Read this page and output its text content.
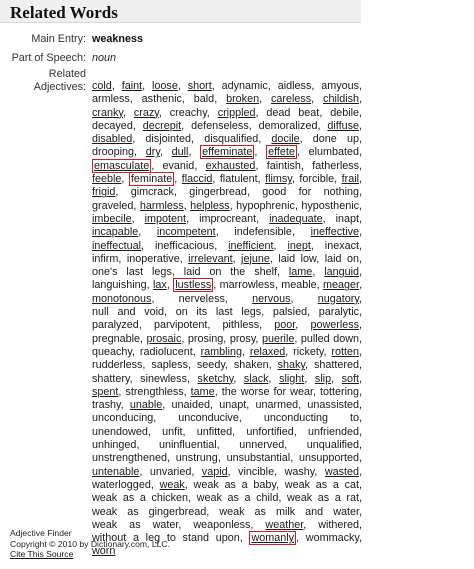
Related Words
Main Entry: weakness
Part of Speech: noun
Related
Adjectives: cold, faint, loose, short, adynamic, aidless, amyous, armless, asthenic, bald, broken, careless, childish, cranky, crazy, creachy, crippled, dead beat, debile, decayed, decrepit, defenseless, demoralized, diffuse, disabled, disjointed, disqualified, docile, done up, drooping, dry, dull, effeminate , effete , elumbated, emasculate , evanid, exhausted, faintish, fatherless, feeble, feminate , flaccid, flatulent, flimsy, forcible, frail, frigid, gimcrack, gingerbread, good for nothing, graveled, harmless, helpless, hypophrenic, hyposthenic, imbecile, impotent, improcreant, inadequate, inapt, incapable, incompetent, indefensible, ineffective, ineffectual, inefficacious, inefficient, inept, inexact, infirm, inoperative, irrelevant, jejune, laid low, laid on, one's last legs, laid on the shelf, lame, languid, languishing, lax, lustless , marrowless, meable, meager, monotonous, nerveless, nervous, nugatory, null and void, on its last legs, palsied, paralytic, paralyzed, parvipotent, pithless, poor, powerless, pregnable, prosaic, prosing, prosy, puerile, pulled down, queachy, radiolucent, rambling, relaxed, rickety, rotten, rudderless, sapless, seedy, shaken, shaky, shattered, shattery, sinewless, sketchy, slack, slight, slip, soft, spent, strengthless, tame, the worse for wear, tottering, trashy, unable, unaided, unapt, unarmed, unassisted, unconducing, unconducive, unconducting to, unendowed, unfit, unfitted, unfortified, unfriended, unhinged, uninfluential, unnerved, unqualified, unstrengthened, unstrung, unsubstantial, unsupported, untenable, unvaried, vapid, vincible, washy, wasted, waterlogged, weak, weak as a baby, weak as a cat, weak as a chicken, weak as a child, weak as a rat, weak as gingerbread, weak as milk and water, weak as water, weaponless, weather, withered, without a leg to stand upon, womanly , wommacky, worn
Adjective Finder
Copyright © 2010 by Dictionary.com, LLC.
Cite This Source
